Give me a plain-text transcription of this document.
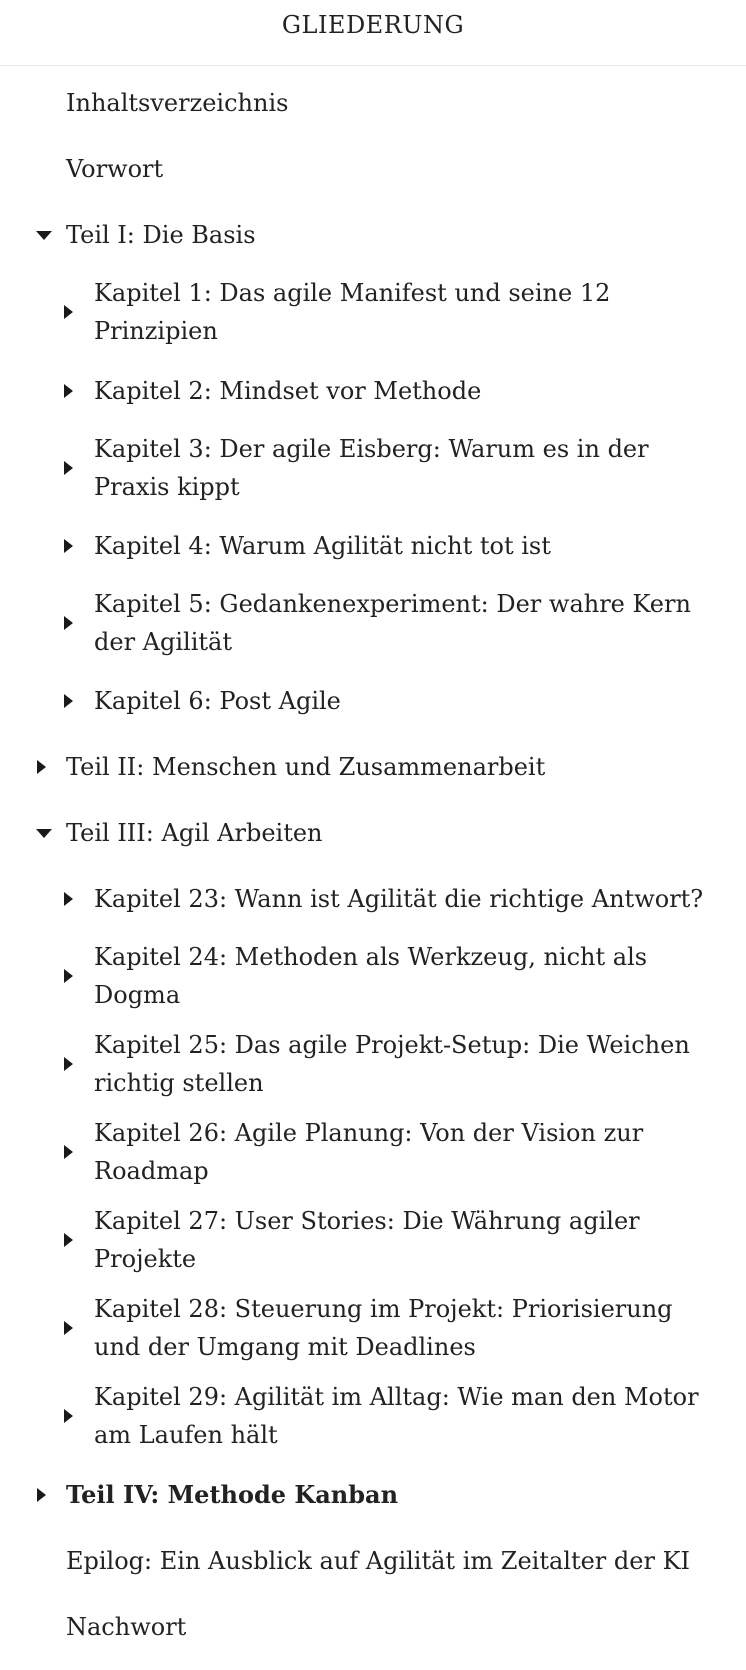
GLIEDERUNG
Inhaltsverzeichnis
Vorwort
Teil I: Die Basis
Kapitel 1: Das agile Manifest und seine 12 Prinzipien
Kapitel 2: Mindset vor Methode
Kapitel 3: Der agile Eisberg: Warum es in der Praxis kippt
Kapitel 4: Warum Agilität nicht tot ist
Kapitel 5: Gedankenexperiment: Der wahre Kern der Agilität
Kapitel 6: Post Agile
Teil II: Menschen und Zusammenarbeit
Teil III: Agil Arbeiten
Kapitel 23: Wann ist Agilität die richtige Antwort?
Kapitel 24: Methoden als Werkzeug, nicht als Dogma
Kapitel 25: Das agile Projekt-Setup: Die Weichen richtig stellen
Kapitel 26: Agile Planung: Von der Vision zur Roadmap
Kapitel 27: User Stories: Die Währung agiler Projekte
Kapitel 28: Steuerung im Projekt: Priorisierung und der Umgang mit Deadlines
Kapitel 29: Agilität im Alltag: Wie man den Motor am Laufen hält
Teil IV: Methode Kanban
Epilog: Ein Ausblick auf Agilität im Zeitalter der KI
Nachwort
